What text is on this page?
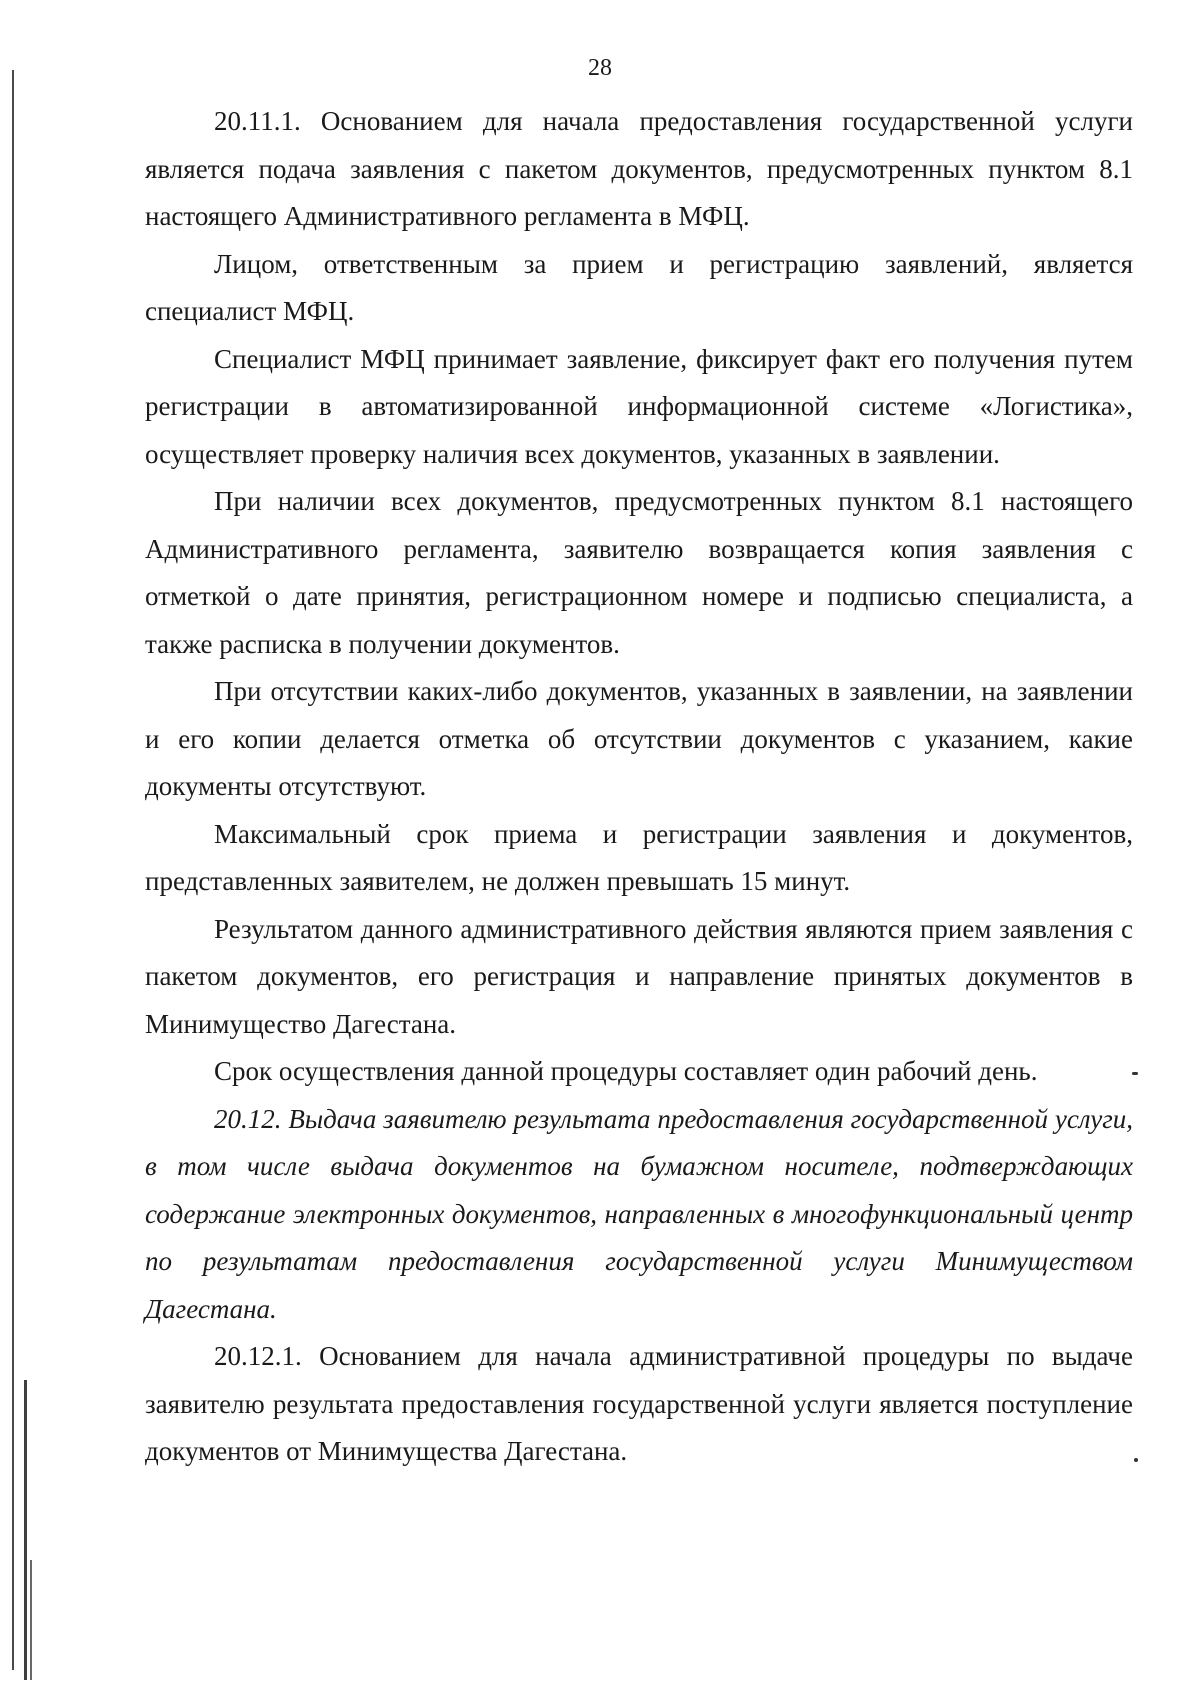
28

20.11.1. Основанием для начала предоставления государственной услуги является подача заявления с пакетом документов, предусмотренных пунктом 8.1 настоящего Административного регламента в МФЦ.

Лицом, ответственным за прием и регистрацию заявлений, является специалист МФЦ.

Специалист МФЦ принимает заявление, фиксирует факт его получения путем регистрации в автоматизированной информационной системе «Логистика», осуществляет проверку наличия всех документов, указанных в заявлении.

При наличии всех документов, предусмотренных пунктом 8.1 настоящего Административного регламента, заявителю возвращается копия заявления с отметкой о дате принятия, регистрационном номере и подписью специалиста, а также расписка в получении документов.

При отсутствии каких-либо документов, указанных в заявлении, на заявлении и его копии делается отметка об отсутствии документов с указанием, какие документы отсутствуют.

Максимальный срок приема и регистрации заявления и документов, представленных заявителем, не должен превышать 15 минут.

Результатом данного административного действия являются прием заявления с пакетом документов, его регистрация и направление принятых документов в Минимущество Дагестана.

Срок осуществления данной процедуры составляет один рабочий день.

20.12. Выдача заявителю результата предоставления государственной услуги, в том числе выдача документов на бумажном носителе, подтверждающих содержание электронных документов, направленных в многофункциональный центр по результатам предоставления государственной услуги Минимуществом Дагестана.

20.12.1. Основанием для начала административной процедуры по выдаче заявителю результата предоставления государственной услуги является поступление документов от Минимущества Дагестана.
